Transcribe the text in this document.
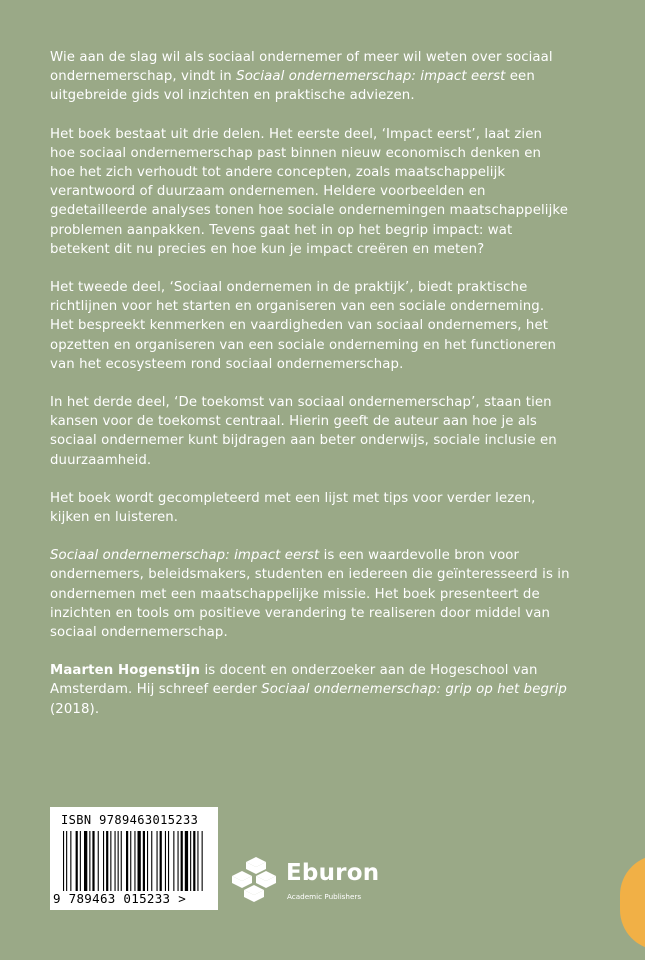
Wie aan de slag wil als sociaal ondernemer of meer wil weten over sociaal ondernemerschap, vindt in Sociaal ondernemerschap: impact eerst een uitgebreide gids vol inzichten en praktische adviezen.

Het boek bestaat uit drie delen. Het eerste deel, ‘Impact eerst’, laat zien hoe sociaal ondernemerschap past binnen nieuw economisch denken en hoe het zich verhoudt tot andere concepten, zoals maatschappelijk verantwoord of duurzaam ondernemen. Heldere voorbeelden en gedetailleerde analyses tonen hoe sociale ondernemingen maatschappelijke problemen aanpakken. Tevens gaat het in op het begrip impact: wat betekent dit nu precies en hoe kun je impact creëren en meten?

Het tweede deel, ‘Sociaal ondernemen in de praktijk’, biedt praktische richtlijnen voor het starten en organiseren van een sociale onderneming. Het bespreekt kenmerken en vaardigheden van sociaal ondernemers, het opzetten en organiseren van een sociale onderneming en het functioneren van het ecosysteem rond sociaal ondernemerschap.

In het derde deel, ‘De toekomst van sociaal ondernemerschap’, staan tien kansen voor de toekomst centraal. Hierin geeft de auteur aan hoe je als sociaal ondernemer kunt bijdragen aan beter onderwijs, sociale inclusie en duurzaamheid.

Het boek wordt gecompleteerd met een lijst met tips voor verder lezen, kijken en luisteren.

Sociaal ondernemerschap: impact eerst is een waardevolle bron voor ondernemers, beleidsmakers, studenten en iedereen die geïnteresseerd is in ondernemen met een maatschappelijke missie. Het boek presenteert de inzichten en tools om positieve verandering te realiseren door middel van sociaal ondernemerschap.

Maarten Hogenstijn is docent en onderzoeker aan de Hogeschool van Amsterdam. Hij schreef eerder Sociaal ondernemerschap: grip op het begrip (2018).

ISBN 9789463015233
9 789463 015233 >
Eburon
Academic Publishers
